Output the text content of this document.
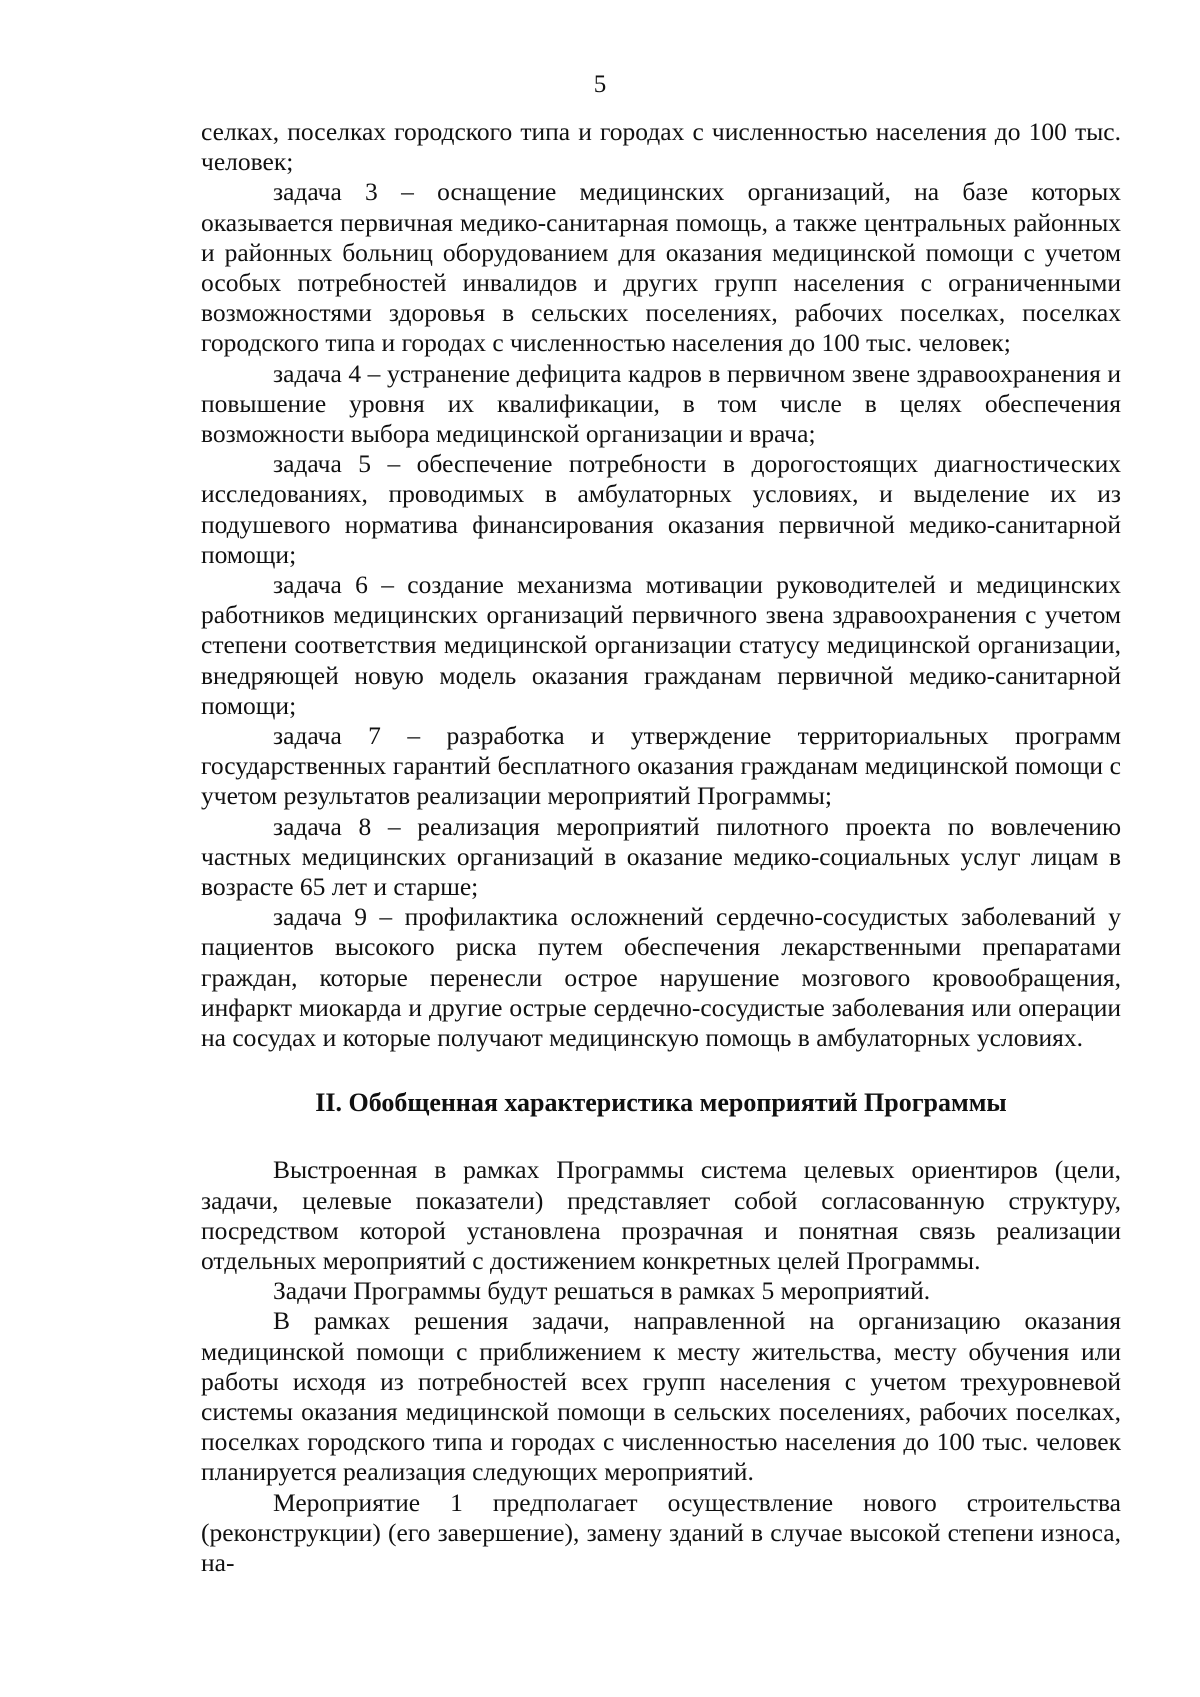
5

селках, поселках городского типа и городах с численностью населения до 100 тыс. человек;

задача 3 – оснащение медицинских организаций, на базе которых оказывается первичная медико-санитарная помощь, а также центральных районных и районных больниц оборудованием для оказания медицинской помощи с учетом особых потребностей инвалидов и других групп населения с ограниченными возможностями здоровья в сельских поселениях, рабочих поселках, поселках городского типа и городах с численностью населения до 100 тыс. человек;

задача 4 – устранение дефицита кадров в первичном звене здравоохранения и повышение уровня их квалификации, в том числе в целях обеспечения возможности выбора медицинской организации и врача;

задача 5 – обеспечение потребности в дорогостоящих диагностических исследованиях, проводимых в амбулаторных условиях, и выделение их из подушевого норматива финансирования оказания первичной медико-санитарной помощи;

задача 6 – создание механизма мотивации руководителей и медицинских работников медицинских организаций первичного звена здравоохранения с учетом степени соответствия медицинской организации статусу медицинской организации, внедряющей новую модель оказания гражданам первичной медико-санитарной помощи;

задача 7 – разработка и утверждение территориальных программ государственных гарантий бесплатного оказания гражданам медицинской помощи с учетом результатов реализации мероприятий Программы;

задача 8 – реализация мероприятий пилотного проекта по вовлечению частных медицинских организаций в оказание медико-социальных услуг лицам в возрасте 65 лет и старше;

задача 9 – профилактика осложнений сердечно-сосудистых заболеваний у пациентов высокого риска путем обеспечения лекарственными препаратами граждан, которые перенесли острое нарушение мозгового кровообращения, инфаркт миокарда и другие острые сердечно-сосудистые заболевания или операции на сосудах и которые получают медицинскую помощь в амбулаторных условиях.

II. Обобщенная характеристика мероприятий Программы

Выстроенная в рамках Программы система целевых ориентиров (цели, задачи, целевые показатели) представляет собой согласованную структуру, посредством которой установлена прозрачная и понятная связь реализации отдельных мероприятий с достижением конкретных целей Программы.

Задачи Программы будут решаться в рамках 5 мероприятий.

В рамках решения задачи, направленной на организацию оказания медицинской помощи с приближением к месту жительства, месту обучения или работы исходя из потребностей всех групп населения с учетом трехуровневой системы оказания медицинской помощи в сельских поселениях, рабочих поселках, поселках городского типа и городах с численностью населения до 100 тыс. человек планируется реализация следующих мероприятий.

Мероприятие 1 предполагает осуществление нового строительства (реконструкции) (его завершение), замену зданий в случае высокой степени износа, на-
